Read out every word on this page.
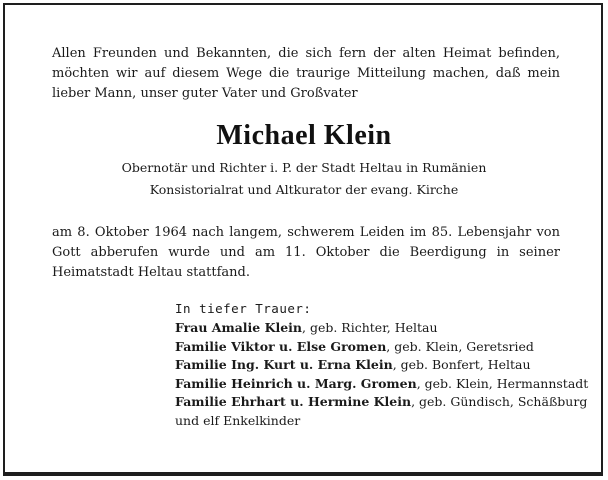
Allen Freunden und Bekannten, die sich fern der alten Heimat befinden, möchten wir auf diesem Wege die traurige Mitteilung machen, daß mein lieber Mann, unser guter Vater und Großvater
Michael Klein
Obernotär und Richter i. P. der Stadt Heltau in Rumänien
Konsistorialrat und Altkurator der evang. Kirche
am 8. Oktober 1964 nach langem, schwerem Leiden im 85. Lebensjahr von Gott abberufen wurde und am 11. Oktober die Beerdigung in seiner Heimatstadt Heltau stattfand.
In tiefer Trauer:
Frau Amalie Klein, geb. Richter, Heltau
Familie Viktor u. Else Gromen, geb. Klein, Geretsried
Familie Ing. Kurt u. Erna Klein, geb. Bonfert, Heltau
Familie Heinrich u. Marg. Gromen, geb. Klein, Hermannstadt
Familie Ehrhart u. Hermine Klein, geb. Gündisch, Schäßburg
und elf Enkelkinder
